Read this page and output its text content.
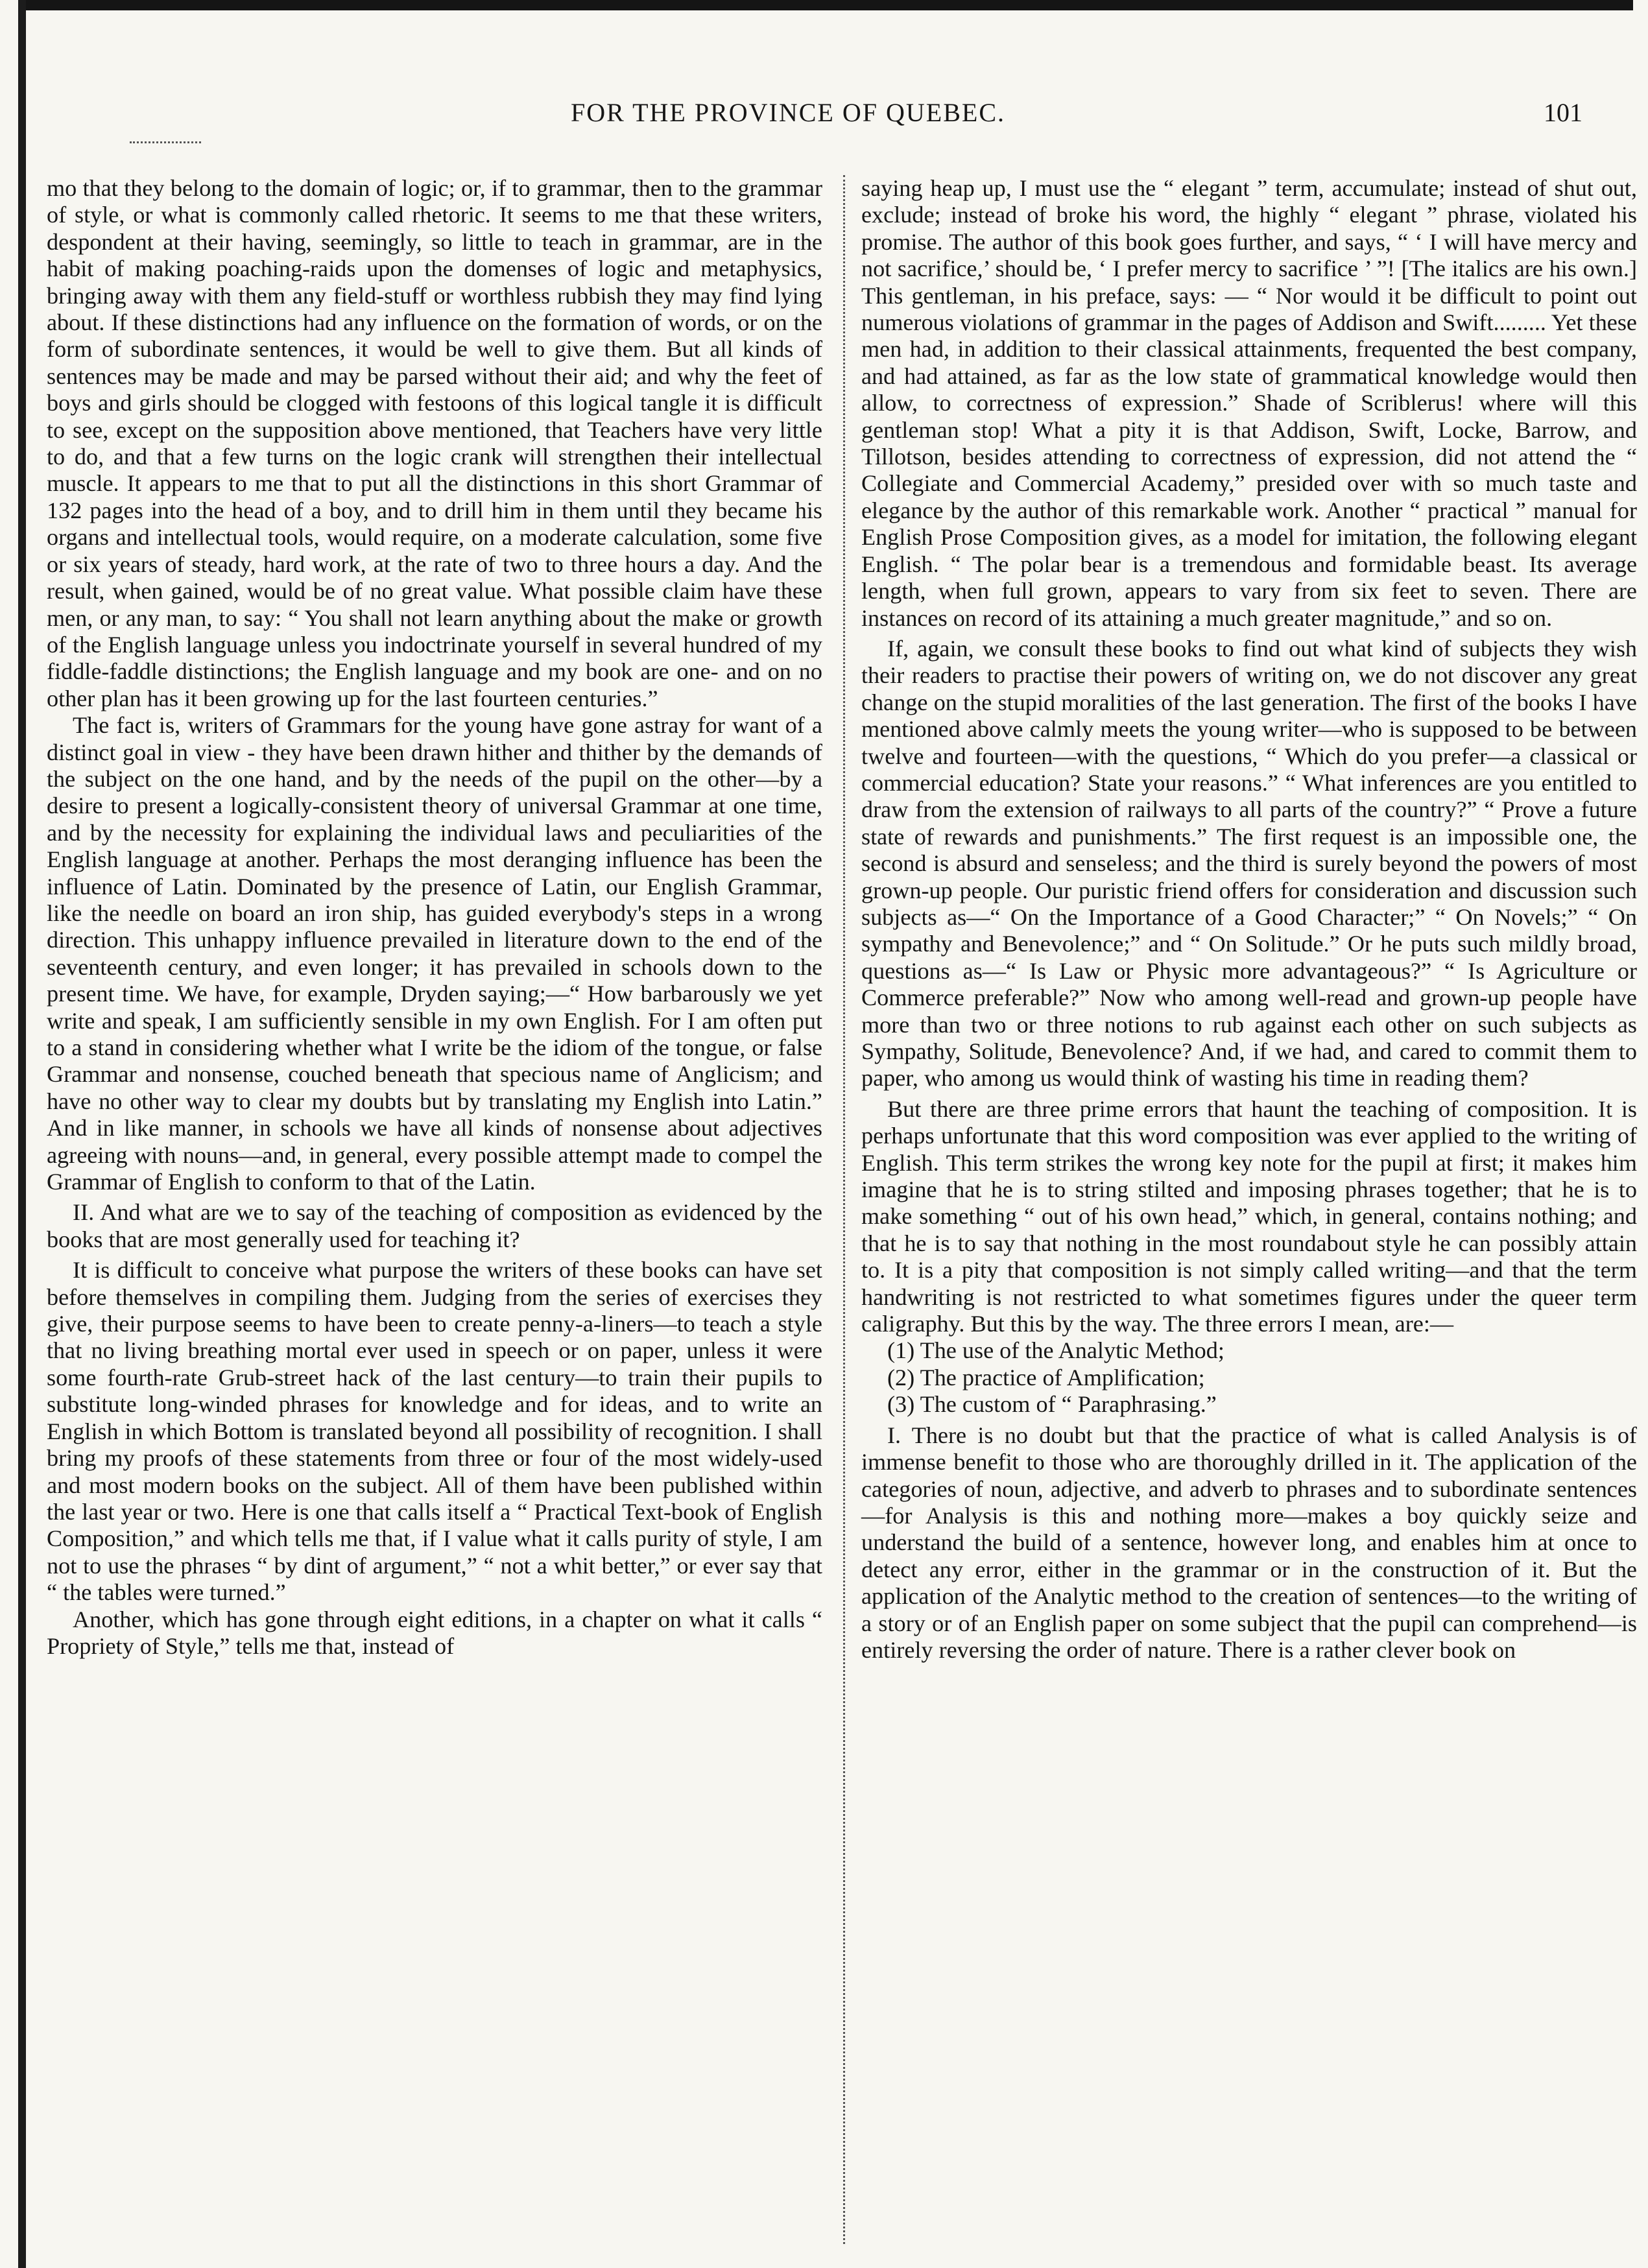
FOR THE PROVINCE OF QUEBEC.	101

mo that they belong to the domain of logic; or, if to grammar, then to the grammar of style, or what is commonly called rhetoric. It seems to me that these writers, despondent at their having, seemingly, so little to teach in grammar, are in the habit of making poaching-raids upon the domenses of logic and metaphysics, bringing away with them any field-stuff or worthless rubbish they may find lying about. If these distinctions had any influence on the formation of words, or on the form of subordinate sentences, it would be well to give them. But all kinds of sentences may be made and may be parsed without their aid; and why the feet of boys and girls should be clogged with festoons of this logical tangle it is difficult to see, except on the supposition above mentioned, that Teachers have very little to do, and that a few turns on the logic crank will strengthen their intellectual muscle. It appears to me that to put all the distinctions in this short Grammar of 132 pages into the head of a boy, and to drill him in them until they became his organs and intellectual tools, would require, on a moderate calculation, some five or six years of steady, hard work, at the rate of two to three hours a day. And the result, when gained, would be of no great value. What possible claim have these men, or any man, to say: “ You shall not learn anything about the make or growth of the English language unless you indoctrinate yourself in several hundred of my fiddle-faddle distinctions; the English language and my book are one- and on no other plan has it been growing up for the last fourteen centuries.”

The fact is, writers of Grammars for the young have gone astray for want of a distinct goal in view - they have been drawn hither and thither by the demands of the subject on the one hand, and by the needs of the pupil on the other—by a desire to present a logically-consistent theory of universal Grammar at one time, and by the necessity for explaining the individual laws and peculiarities of the English language at another. Perhaps the most deranging influence has been the influence of Latin. Dominated by the presence of Latin, our English Grammar, like the needle on board an iron ship, has guided everybody's steps in a wrong direction. This unhappy influence prevailed in literature down to the end of the seventeenth century, and even longer; it has prevailed in schools down to the present time. We have, for example, Dryden saying;—“ How barbarously we yet write and speak, I am sufficiently sensible in my own English. For I am often put to a stand in considering whether what I write be the idiom of the tongue, or false Grammar and nonsense, couched beneath that specious name of Anglicism; and have no other way to clear my doubts but by translating my English into Latin.” And in like manner, in schools we have all kinds of nonsense about adjectives agreeing with nouns—and, in general, every possible attempt made to compel the Grammar of English to conform to that of the Latin.

II. And what are we to say of the teaching of composition as evidenced by the books that are most generally used for teaching it?

It is difficult to conceive what purpose the writers of these books can have set before themselves in compiling them. Judging from the series of exercises they give, their purpose seems to have been to create penny-a-liners—to teach a style that no living breathing mortal ever used in speech or on paper, unless it were some fourth-rate Grub-street hack of the last century—to train their pupils to substitute long-winded phrases for knowledge and for ideas, and to write an English in which Bottom is translated beyond all possibility of recognition. I shall bring my proofs of these statements from three or four of the most widely-used and most modern books on the subject. All of them have been published within the last year or two. Here is one that calls itself a “ Practical Text-book of English Composition,” and which tells me that, if I value what it calls purity of style, I am not to use the phrases “ by dint of argument,” “ not a whit better,” or ever say that “ the tables were turned.”

Another, which has gone through eight editions, in a chapter on what it calls “ Propriety of Style,” tells me that, instead of

saying heap up, I must use the “ elegant ” term, accumulate; instead of shut out, exclude; instead of broke his word, the highly “ elegant ” phrase, violated his promise. The author of this book goes further, and says, “ ‘ I will have mercy and not sacrifice,’ should be, ‘ I prefer mercy to sacrifice ’ ”! [The italics are his own.] This gentleman, in his preface, says: — “ Nor would it be difficult to point out numerous violations of grammar in the pages of Addison and Swift......... Yet these men had, in addition to their classical attainments, frequented the best company, and had attained, as far as the low state of grammatical knowledge would then allow, to correctness of expression.” Shade of Scriblerus! where will this gentleman stop! What a pity it is that Addison, Swift, Locke, Barrow, and Tillotson, besides attending to correctness of expression, did not attend the “ Collegiate and Commercial Academy,” presided over with so much taste and elegance by the author of this remarkable work. Another “ practical ” manual for English Prose Composition gives, as a model for imitation, the following elegant English. “ The polar bear is a tremendous and formidable beast. Its average length, when full grown, appears to vary from six feet to seven. There are instances on record of its attaining a much greater magnitude,” and so on.

If, again, we consult these books to find out what kind of subjects they wish their readers to practise their powers of writing on, we do not discover any great change on the stupid moralities of the last generation. The first of the books I have mentioned above calmly meets the young writer—who is supposed to be between twelve and fourteen—with the questions, “ Which do you prefer—a classical or commercial education? State your reasons.” “ What inferences are you entitled to draw from the extension of railways to all parts of the country?” “ Prove a future state of rewards and punishments.” The first request is an impossible one, the second is absurd and senseless; and the third is surely beyond the powers of most grown-up people. Our puristic friend offers for consideration and discussion such subjects as—“ On the Importance of a Good Character;” “ On Novels;” “ On sympathy and Benevolence;” and “ On Solitude.” Or he puts such mildly broad, questions as—“ Is Law or Physic more advantageous?” “ Is Agriculture or Commerce preferable?” Now who among well-read and grown-up people have more than two or three notions to rub against each other on such subjects as Sympathy, Solitude, Benevolence? And, if we had, and cared to commit them to paper, who among us would think of wasting his time in reading them?

But there are three prime errors that haunt the teaching of composition. It is perhaps unfortunate that this word composition was ever applied to the writing of English. This term strikes the wrong key note for the pupil at first; it makes him imagine that he is to string stilted and imposing phrases together; that he is to make something “ out of his own head,” which, in general, contains nothing; and that he is to say that nothing in the most roundabout style he can possibly attain to. It is a pity that composition is not simply called writing—and that the term handwriting is not restricted to what sometimes figures under the queer term caligraphy. But this by the way. The three errors I mean, are:—

(1) The use of the Analytic Method;

(2) The practice of Amplification;

(3) The custom of “ Paraphrasing.”

I. There is no doubt but that the practice of what is called Analysis is of immense benefit to those who are thoroughly drilled in it. The application of the categories of noun, adjective, and adverb to phrases and to subordinate sentences—for Analysis is this and nothing more—makes a boy quickly seize and understand the build of a sentence, however long, and enables him at once to detect any error, either in the grammar or in the construction of it. But the application of the Analytic method to the creation of sentences—to the writing of a story or of an English paper on some subject that the pupil can comprehend—is entirely reversing the order of nature. There is a rather clever book on
